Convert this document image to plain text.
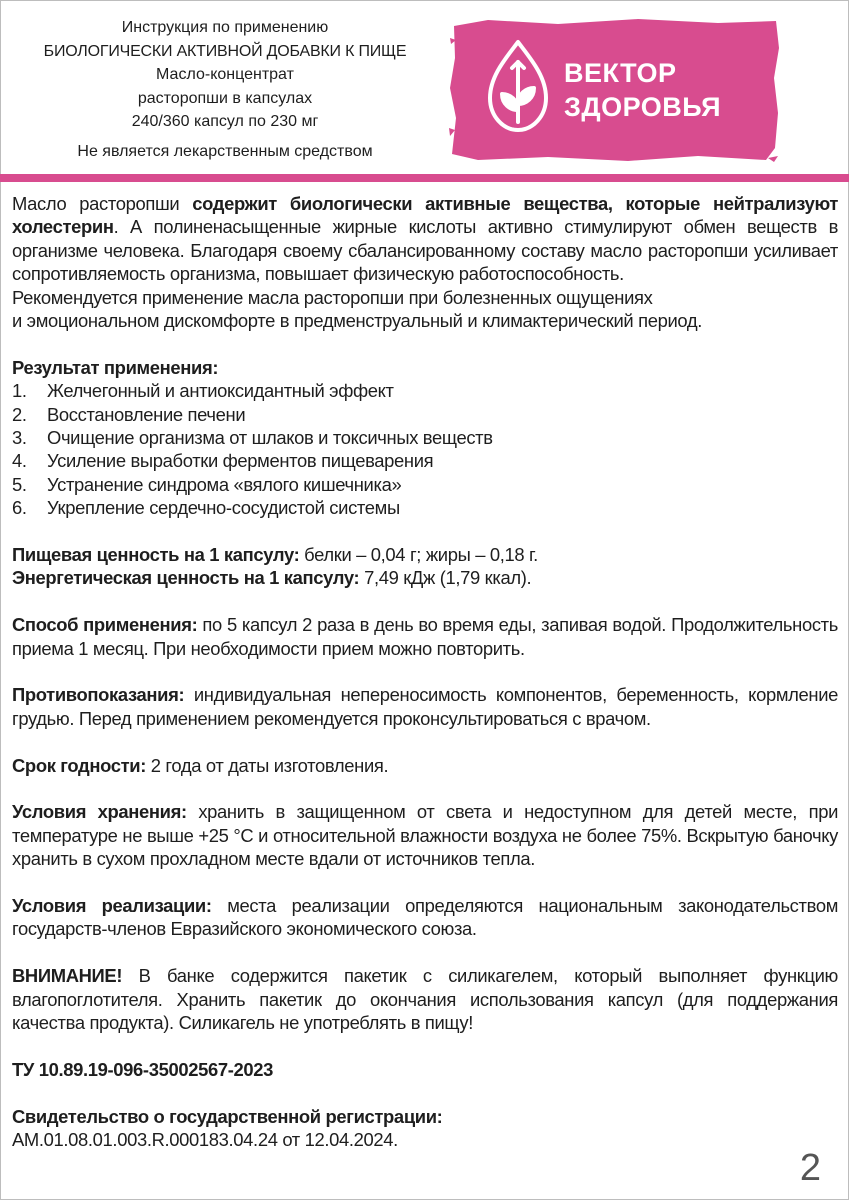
Инструкция по применению
БИОЛОГИЧЕСКИ АКТИВНОЙ ДОБАВКИ К ПИЩЕ
Масло-концентрат
расторопши в капсулах
240/360 капсул по 230 мг
Не является лекарственным средством
ВЕКТОР
ЗДОРОВЬЯ

Масло расторопши содержит биологически активные вещества, которые нейтрализуют холестерин. А полиненасыщенные жирные кислоты активно стимулируют обмен веществ в организме человека. Благодаря своему сбалансированному составу масло расторопши усиливает сопротивляемость организма, повышает физическую работоспособность.

Рекомендуется применение масла расторопши при болезненных ощущениях

и эмоциональном дискомфорте в предменструальный и климактерический период.

Результат применения:

1.	Желчегонный и антиоксидантный эффект
2.	Восстановление печени
3.	Очищение организма от шлаков и токсичных веществ
4.	Усиление выработки ферментов пищеварения
5.	Устранение синдрома «вялого кишечника»
6.	Укрепление сердечно-сосудистой системы

Пищевая ценность на 1 капсулу: белки – 0,04 г; жиры – 0,18 г.

Энергетическая ценность на 1 капсулу: 7,49 кДж (1,79 ккал).

Способ применения: по 5 капсул 2 раза в день во время еды, запивая водой. Продолжительность приема 1 месяц. При необходимости прием можно повторить.

Противопоказания: индивидуальная непереносимость компонентов, беременность, кормление грудью. Перед применением рекомендуется проконсультироваться с врачом.

Срок годности: 2 года от даты изготовления.

Условия хранения: хранить в защищенном от света и недоступном для детей месте, при температуре не выше +25 °С и относительной влажности воздуха не более 75%. Вскрытую баночку хранить в сухом прохладном месте вдали от источников тепла.

Условия реализации: места реализации определяются национальным законодательством государств-членов Евразийского экономического союза.

ВНИМАНИЕ! В банке содержится пакетик с силикагелем, который выполняет функцию влагопоглотителя. Хранить пакетик до окончания использования капсул (для поддержания качества продукта). Силикагель не употреблять в пищу!

ТУ 10.89.19-096-35002567-2023

Свидетельство о государственной регистрации:

AM.01.08.01.003.R.000183.04.24 от 12.04.2024.

2
